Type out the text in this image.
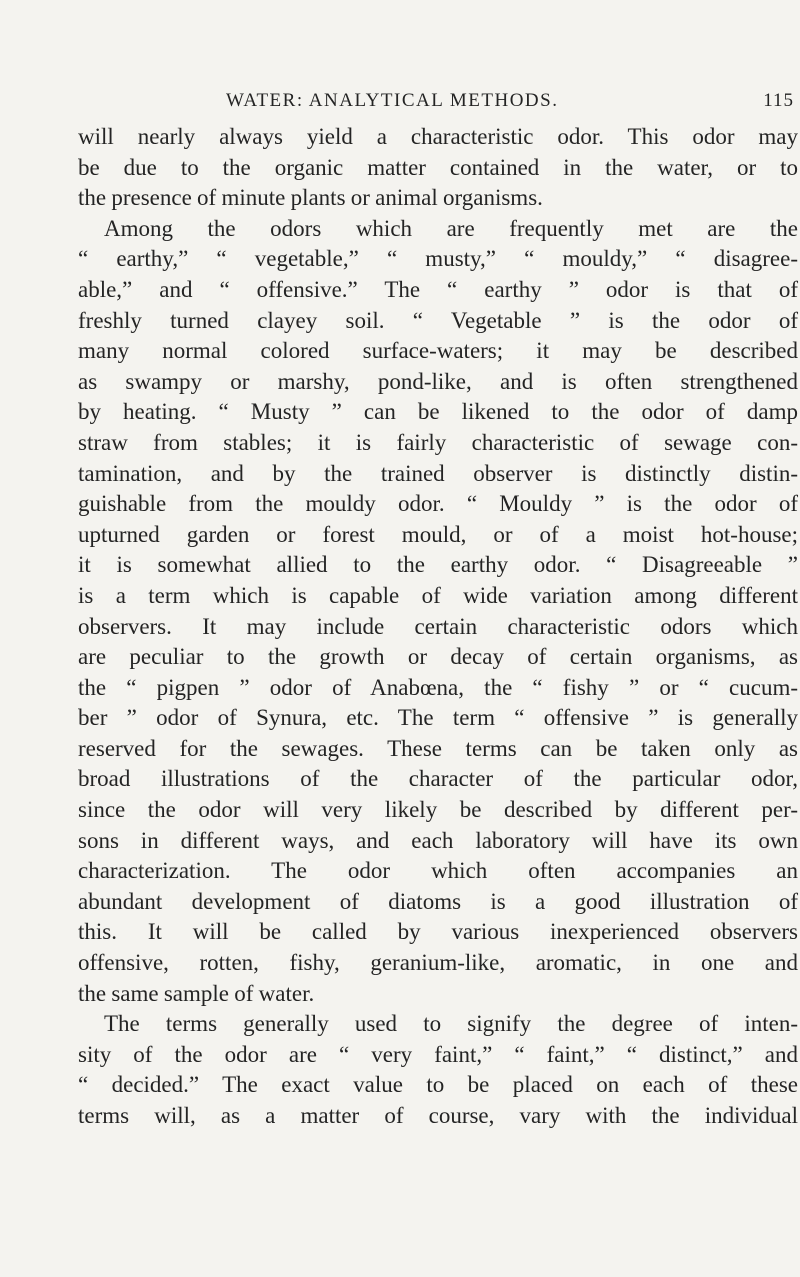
WATER: ANALYTICAL METHODS.	115
will nearly always yield a characteristic odor. This odor may
be due to the organic matter contained in the water, or to
the presence of minute plants or animal organisms.
Among the odors which are frequently met are the
“ earthy,” “ vegetable,” “ musty,” “ mouldy,” “ disagree-
able,” and “ offensive.” The “ earthy ” odor is that of
freshly turned clayey soil. “ Vegetable ” is the odor of
many normal colored surface-waters; it may be described
as swampy or marshy, pond-like, and is often strengthened
by heating. “ Musty ” can be likened to the odor of damp
straw from stables; it is fairly characteristic of sewage con-
tamination, and by the trained observer is distinctly distin-
guishable from the mouldy odor. “ Mouldy ” is the odor of
upturned garden or forest mould, or of a moist hot-house;
it is somewhat allied to the earthy odor. “ Disagreeable ”
is a term which is capable of wide variation among different
observers. It may include certain characteristic odors which
are peculiar to the growth or decay of certain organisms, as
the “ pigpen ” odor of Anabœna, the “ fishy ” or “ cucum-
ber ” odor of Synura, etc. The term “ offensive ” is generally
reserved for the sewages. These terms can be taken only as
broad illustrations of the character of the particular odor,
since the odor will very likely be described by different per-
sons in different ways, and each laboratory will have its own
characterization. The odor which often accompanies an
abundant development of diatoms is a good illustration of
this. It will be called by various inexperienced observers
offensive, rotten, fishy, geranium-like, aromatic, in one and
the same sample of water.
The terms generally used to signify the degree of inten-
sity of the odor are “ very faint,” “ faint,” “ distinct,” and
“ decided.” The exact value to be placed on each of these
terms will, as a matter of course, vary with the individual
